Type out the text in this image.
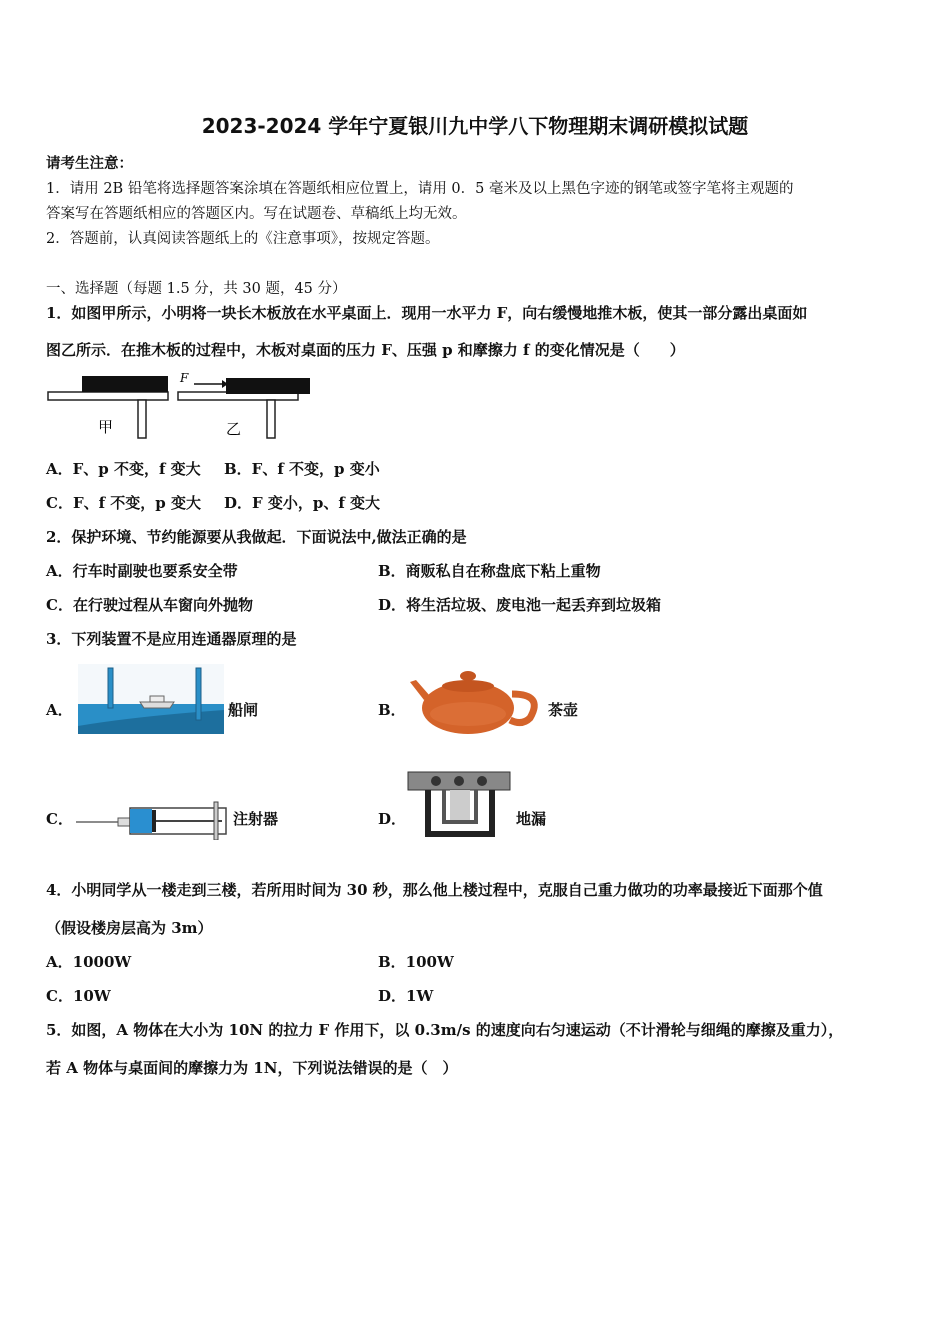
2023-2024 学年宁夏银川九中学八下物理期末调研模拟试题
请考生注意：
1．请用 2B 铅笔将选择题答案涂填在答题纸相应位置上，请用 0．5 毫米及以上黑色字迹的钢笔或签字笔将主观题的
答案写在答题纸相应的答题区内。写在试题卷、草稿纸上均无效。
2．答题前，认真阅读答题纸上的《注意事项》，按规定答题。
一、选择题（每题 1.5 分，共 30 题，45 分）
1．如图甲所示，小明将一块长木板放在水平桌面上．现用一水平力 F，向右缓慢地推木板，使其一部分露出桌面如
图乙所示．在推木板的过程中，木板对桌面的压力 F、压强 p 和摩擦力 f 的变化情况是（　　）
甲
F
乙
A．F、p 不变，f 变大 B．F、f 不变，p 变小
C．F、f 不变，p 变大 D．F 变小，p、f 变大
2．保护环境、节约能源要从我做起．下面说法中,做法正确的是
A．行车时副驶也要系安全带	B．商贩私自在称盘底下粘上重物
C．在行驶过程从车窗向外抛物	D．将生活垃圾、废电池一起丢弃到垃圾箱
3．下列装置不是应用连通器原理的是
A．	船闸	B．	茶壶
C．	注射器	D．	地漏
4．小明同学从一楼走到三楼，若所用时间为 30 秒，那么他上楼过程中，克服自己重力做功的功率最接近下面那个值
（假设楼房层高为 3m）
A．1000W	B．100W
C．10W	D．1W
5．如图，A 物体在大小为 10N 的拉力 F 作用下，以 0.3m/s 的速度向右匀速运动（不计滑轮与细绳的摩擦及重力），
若 A 物体与桌面间的摩擦力为 1N，下列说法错误的是（　）
